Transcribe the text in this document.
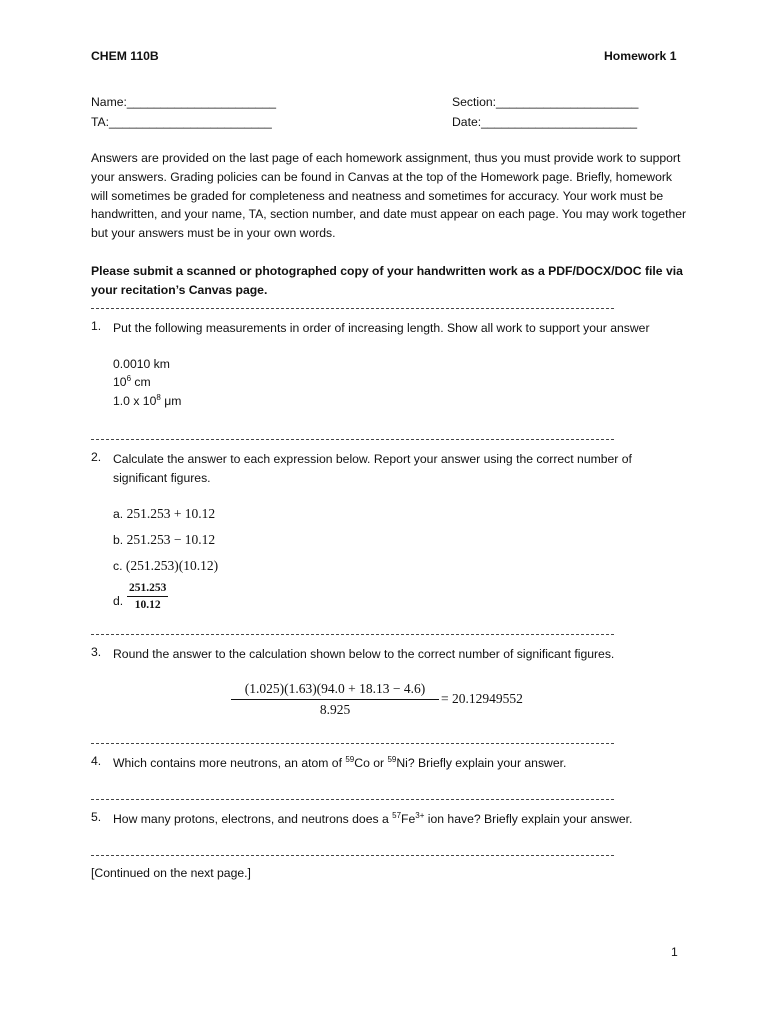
CHEM 110B	Homework 1
Name:______________________	Section:_____________________
TA:________________________	Date:_______________________
Answers are provided on the last page of each homework assignment, thus you must provide work to support your answers. Grading policies can be found in Canvas at the top of the Homework page. Briefly, homework will sometimes be graded for completeness and neatness and sometimes for accuracy. Your work must be handwritten, and your name, TA, section number, and date must appear on each page. You may work together but your answers must be in your own words.
Please submit a scanned or photographed copy of your handwritten work as a PDF/DOCX/DOC file via your recitation’s Canvas page.
1. Put the following measurements in order of increasing length. Show all work to support your answer
0.0010 km
$10^6$ cm
1.0 x $10^8$ μm
2. Calculate the answer to each expression below. Report your answer using the correct number of significant figures.
a. 251.253 + 10.12
b. 251.253 − 10.12
c. (251.253)(10.12)
d.
251.253
10.12
3. Round the answer to the calculation shown below to the correct number of significant figures.
(1.025)(1.63)(94.0 + 18.13 − 4.6)
8.925
= 20.12949552
4. Which contains more neutrons, an atom of $^{59}$Co or $^{59}$Ni? Briefly explain your answer.
5. How many protons, electrons, and neutrons does a $^{57}Fe^{3+}$ ion have? Briefly explain your answer.
[Continued on the next page.]
1
